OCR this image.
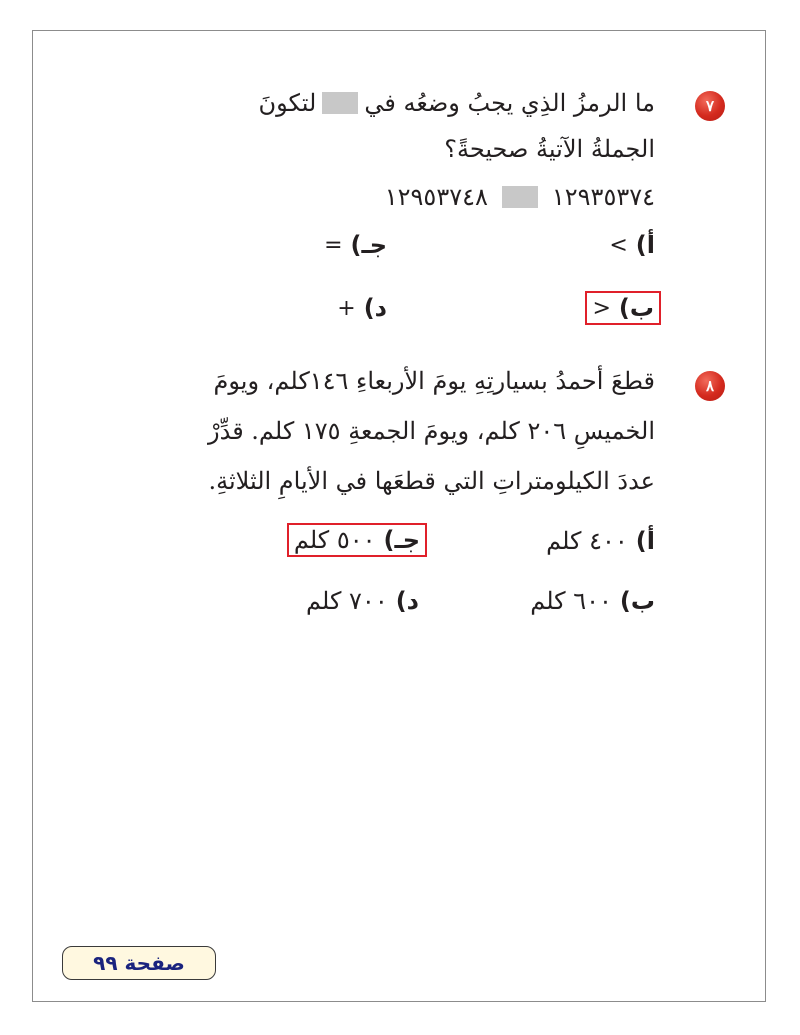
٧
ما الرمزُ الذِي يجبُ وضعُه فيلتكونَ
الجملةُ الآتيةُ صحيحةً؟
١٢٩٣٥٣٧٤١٢٩٥٣٧٤٨
أ)
>
ب)
<
جـ)
=
د)
+
٨
قطعَ أحمدُ بسيارتِهِ يومَ الأربعاءِ ١٤٦كلم، ويومَ
الخميسِ ٢٠٦ كلم، ويومَ الجمعةِ ١٧٥ كلم. قدِّرْ
عددَ الكيلومتراتِ التي قطعَها في الأيامِ الثلاثةِ.
أ)
٤٠٠ كلم
ب)
٦٠٠ كلم
جـ)
٥٠٠ كلم
د)
٧٠٠ كلم
صفحة ٩٩
